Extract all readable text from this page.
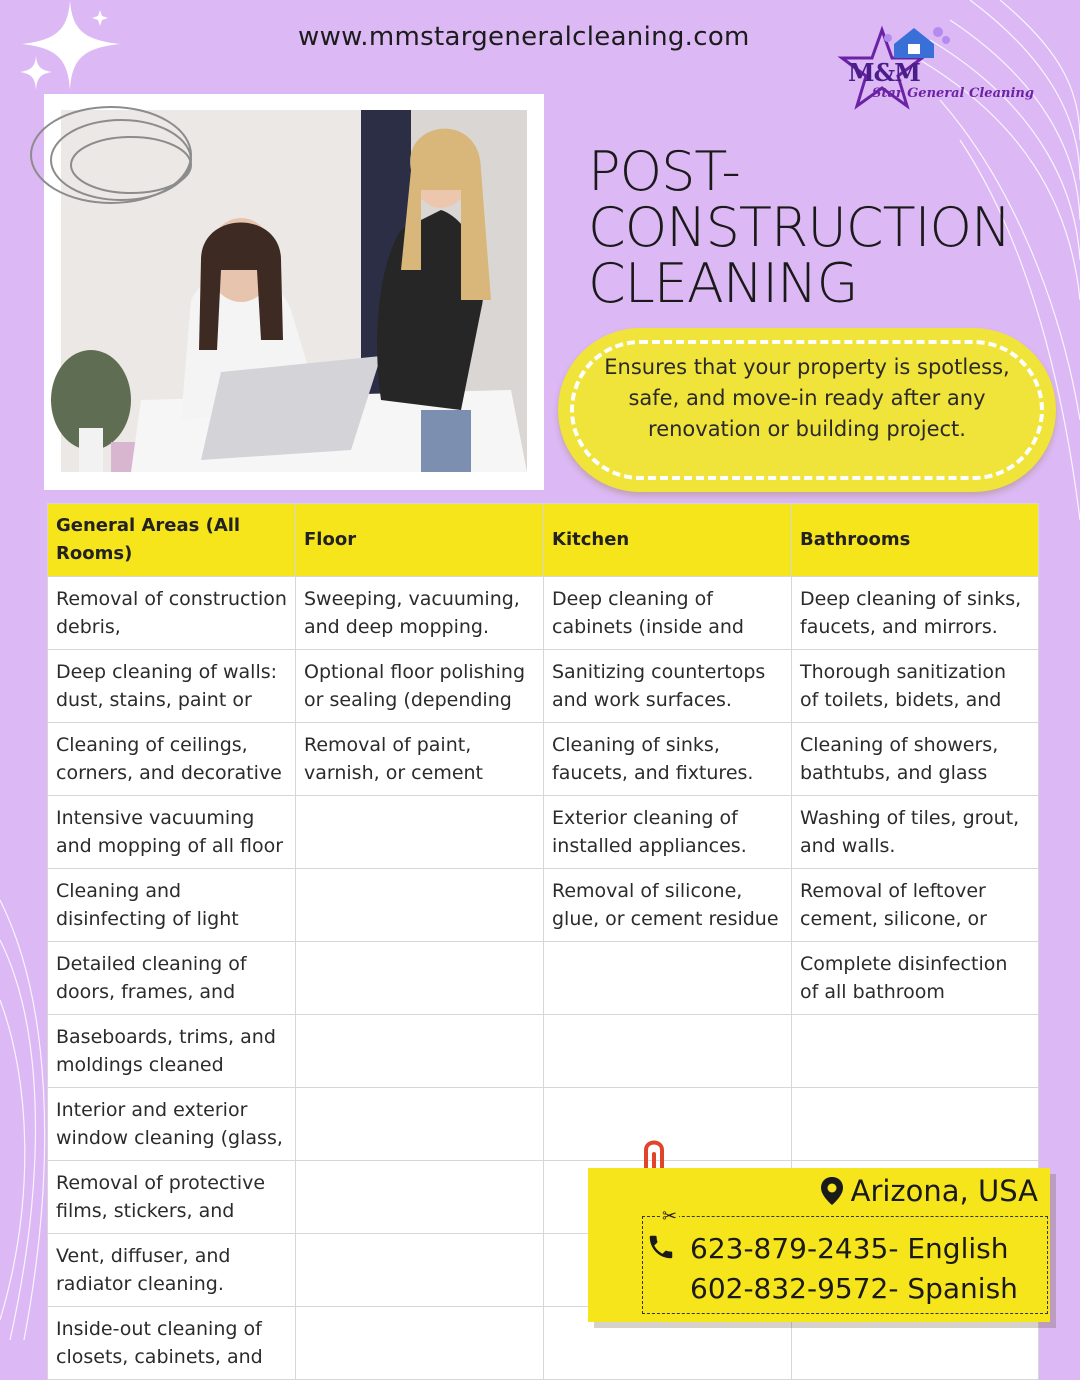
www.mmstargeneralcleaning.com
M&M
Star General Cleaning
POST-
CONSTRUCTION
CLEANING
Ensures that your property is spotless, safe, and move-in ready after any renovation or building project.
General Areas (All Rooms)	Floor	Kitchen	Bathrooms

Removal of construction debris,	Sweeping, vacuuming, and deep mopping.	Deep cleaning of cabinets (inside and	Deep cleaning of sinks, faucets, and mirrors.

Deep cleaning of walls: dust, stains, paint or	Optional floor polishing or sealing (depending	Sanitizing countertops and work surfaces.	Thorough sanitization of toilets, bidets, and

Cleaning of ceilings, corners, and decorative	Removal of paint, varnish, or cement	Cleaning of sinks, faucets, and fixtures.	Cleaning of showers, bathtubs, and glass

Intensive vacuuming and mopping of all floor		Exterior cleaning of installed appliances.	Washing of tiles, grout, and walls.

Cleaning and disinfecting of light		Removal of silicone, glue, or cement residue	Removal of leftover cement, silicone, or

Detailed cleaning of doors, frames, and			Complete disinfection of all bathroom

Baseboards, trims, and moldings cleaned			

Interior and exterior window cleaning (glass,			

Removal of protective films, stickers, and			

Vent, diffuser, and radiator cleaning.			

Inside-out cleaning of closets, cabinets, and			

Arizona, USA
✂
623-879-2435- English
602-832-9572- Spanish
